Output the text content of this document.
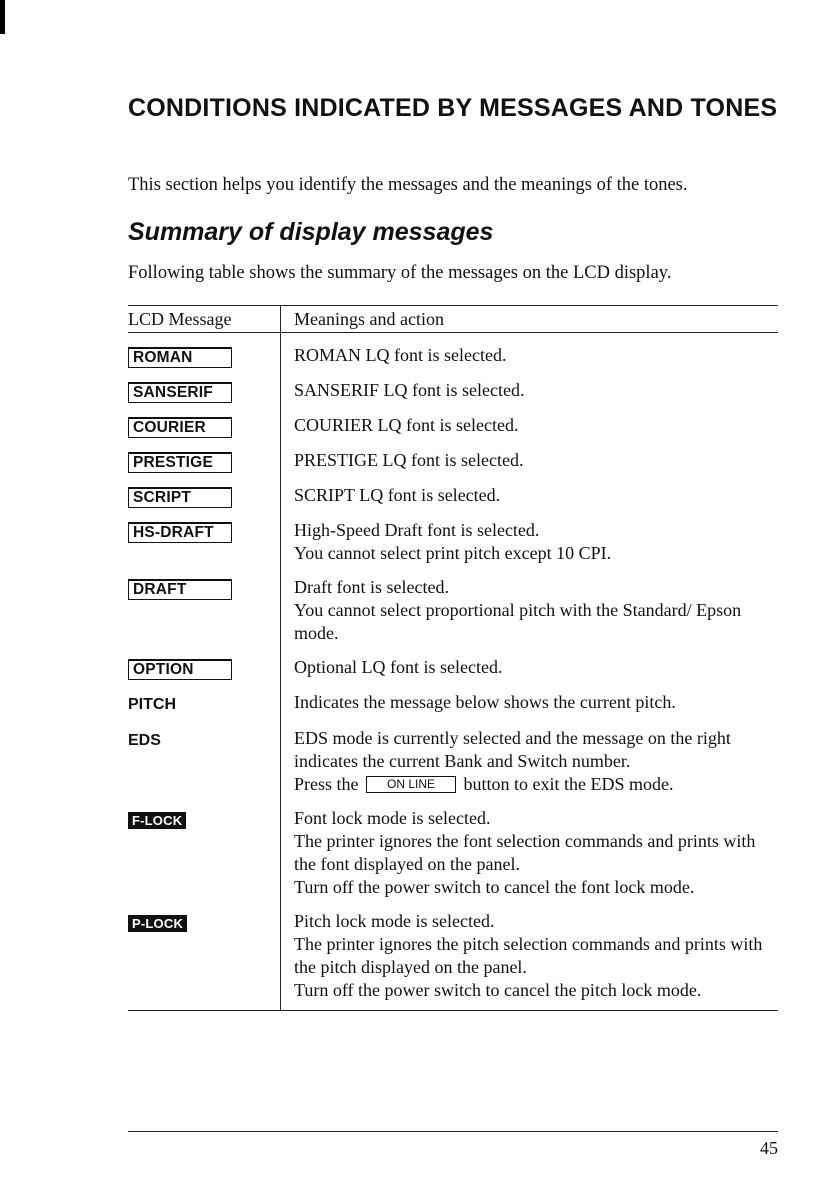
CONDITIONS INDICATED BY MESSAGES AND TONES

This section helps you identify the messages and the meanings of the tones.

Summary of display messages

Following table shows the summary of the messages on the LCD display.

LCD Message	Meanings and action
ROMAN	ROMAN LQ font is selected.

SANSERIF	SANSERIF LQ font is selected.

COURIER	COURIER LQ font is selected.

PRESTIGE	PRESTIGE LQ font is selected.

SCRIPT	SCRIPT LQ font is selected.

HS-DRAFT	High-Speed Draft font is selected.

You cannot select print pitch except 10 CPI.

DRAFT	Draft font is selected.

You cannot select proportional pitch with the Standard/ Epson mode.

OPTION	Optional LQ font is selected.

PITCH	Indicates the message below shows the current pitch.

EDS	EDS mode is currently selected and the message on the right indicates the current Bank and Switch number.

Press the ON LINE button to exit the EDS mode.

F-LOCK	Font lock mode is selected.

The printer ignores the font selection commands and prints with the font displayed on the panel.

Turn off the power switch to cancel the font lock mode.

P-LOCK	Pitch lock mode is selected.

The printer ignores the pitch selection commands and prints with the pitch displayed on the panel.

Turn off the power switch to cancel the pitch lock mode.

45
